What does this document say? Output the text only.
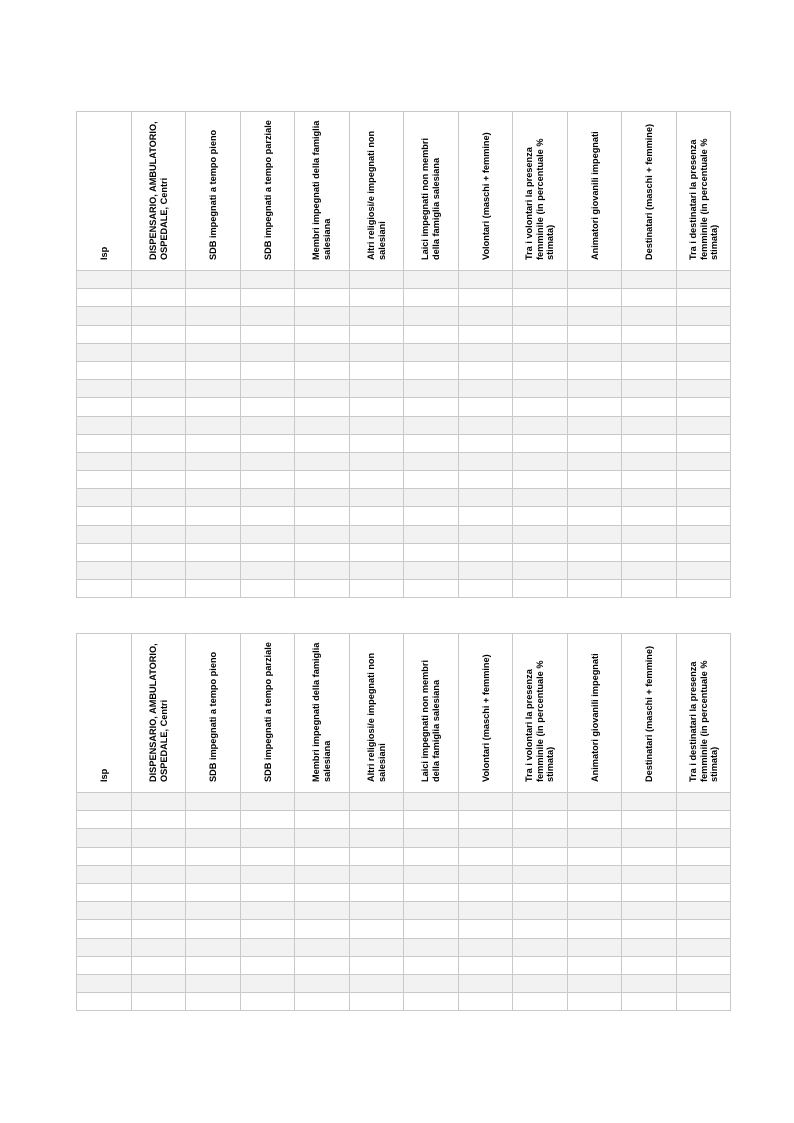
Isp	DISPENSARIO, AMBULATORIO, OSPEDALE, Centri	SDB impegnati a tempo pieno	SDB impegnati a tempo parziale	Membri impegnati della famiglia salesiana	Altri religiosi/e impegnati non salesiani	Laici impegnati non membri della famiglia salesiana	Volontari (maschi + femmine)	Tra i volontari la presenza femminile (in percentuale % stimata)	Animatori giovanili impegnati	Destinatari (maschi + femmine)	Tra i destinatari la presenza femminile (in percentuale % stimata)

Isp	DISPENSARIO, AMBULATORIO, OSPEDALE, Centri	SDB impegnati a tempo pieno	SDB impegnati a tempo parziale	Membri impegnati della famiglia salesiana	Altri religiosi/e impegnati non salesiani	Laici impegnati non membri della famiglia salesiana	Volontari (maschi + femmine)	Tra i volontari la presenza femminile (in percentuale % stimata)	Animatori giovanili impegnati	Destinatari (maschi + femmine)	Tra i destinatari la presenza femminile (in percentuale % stimata)
